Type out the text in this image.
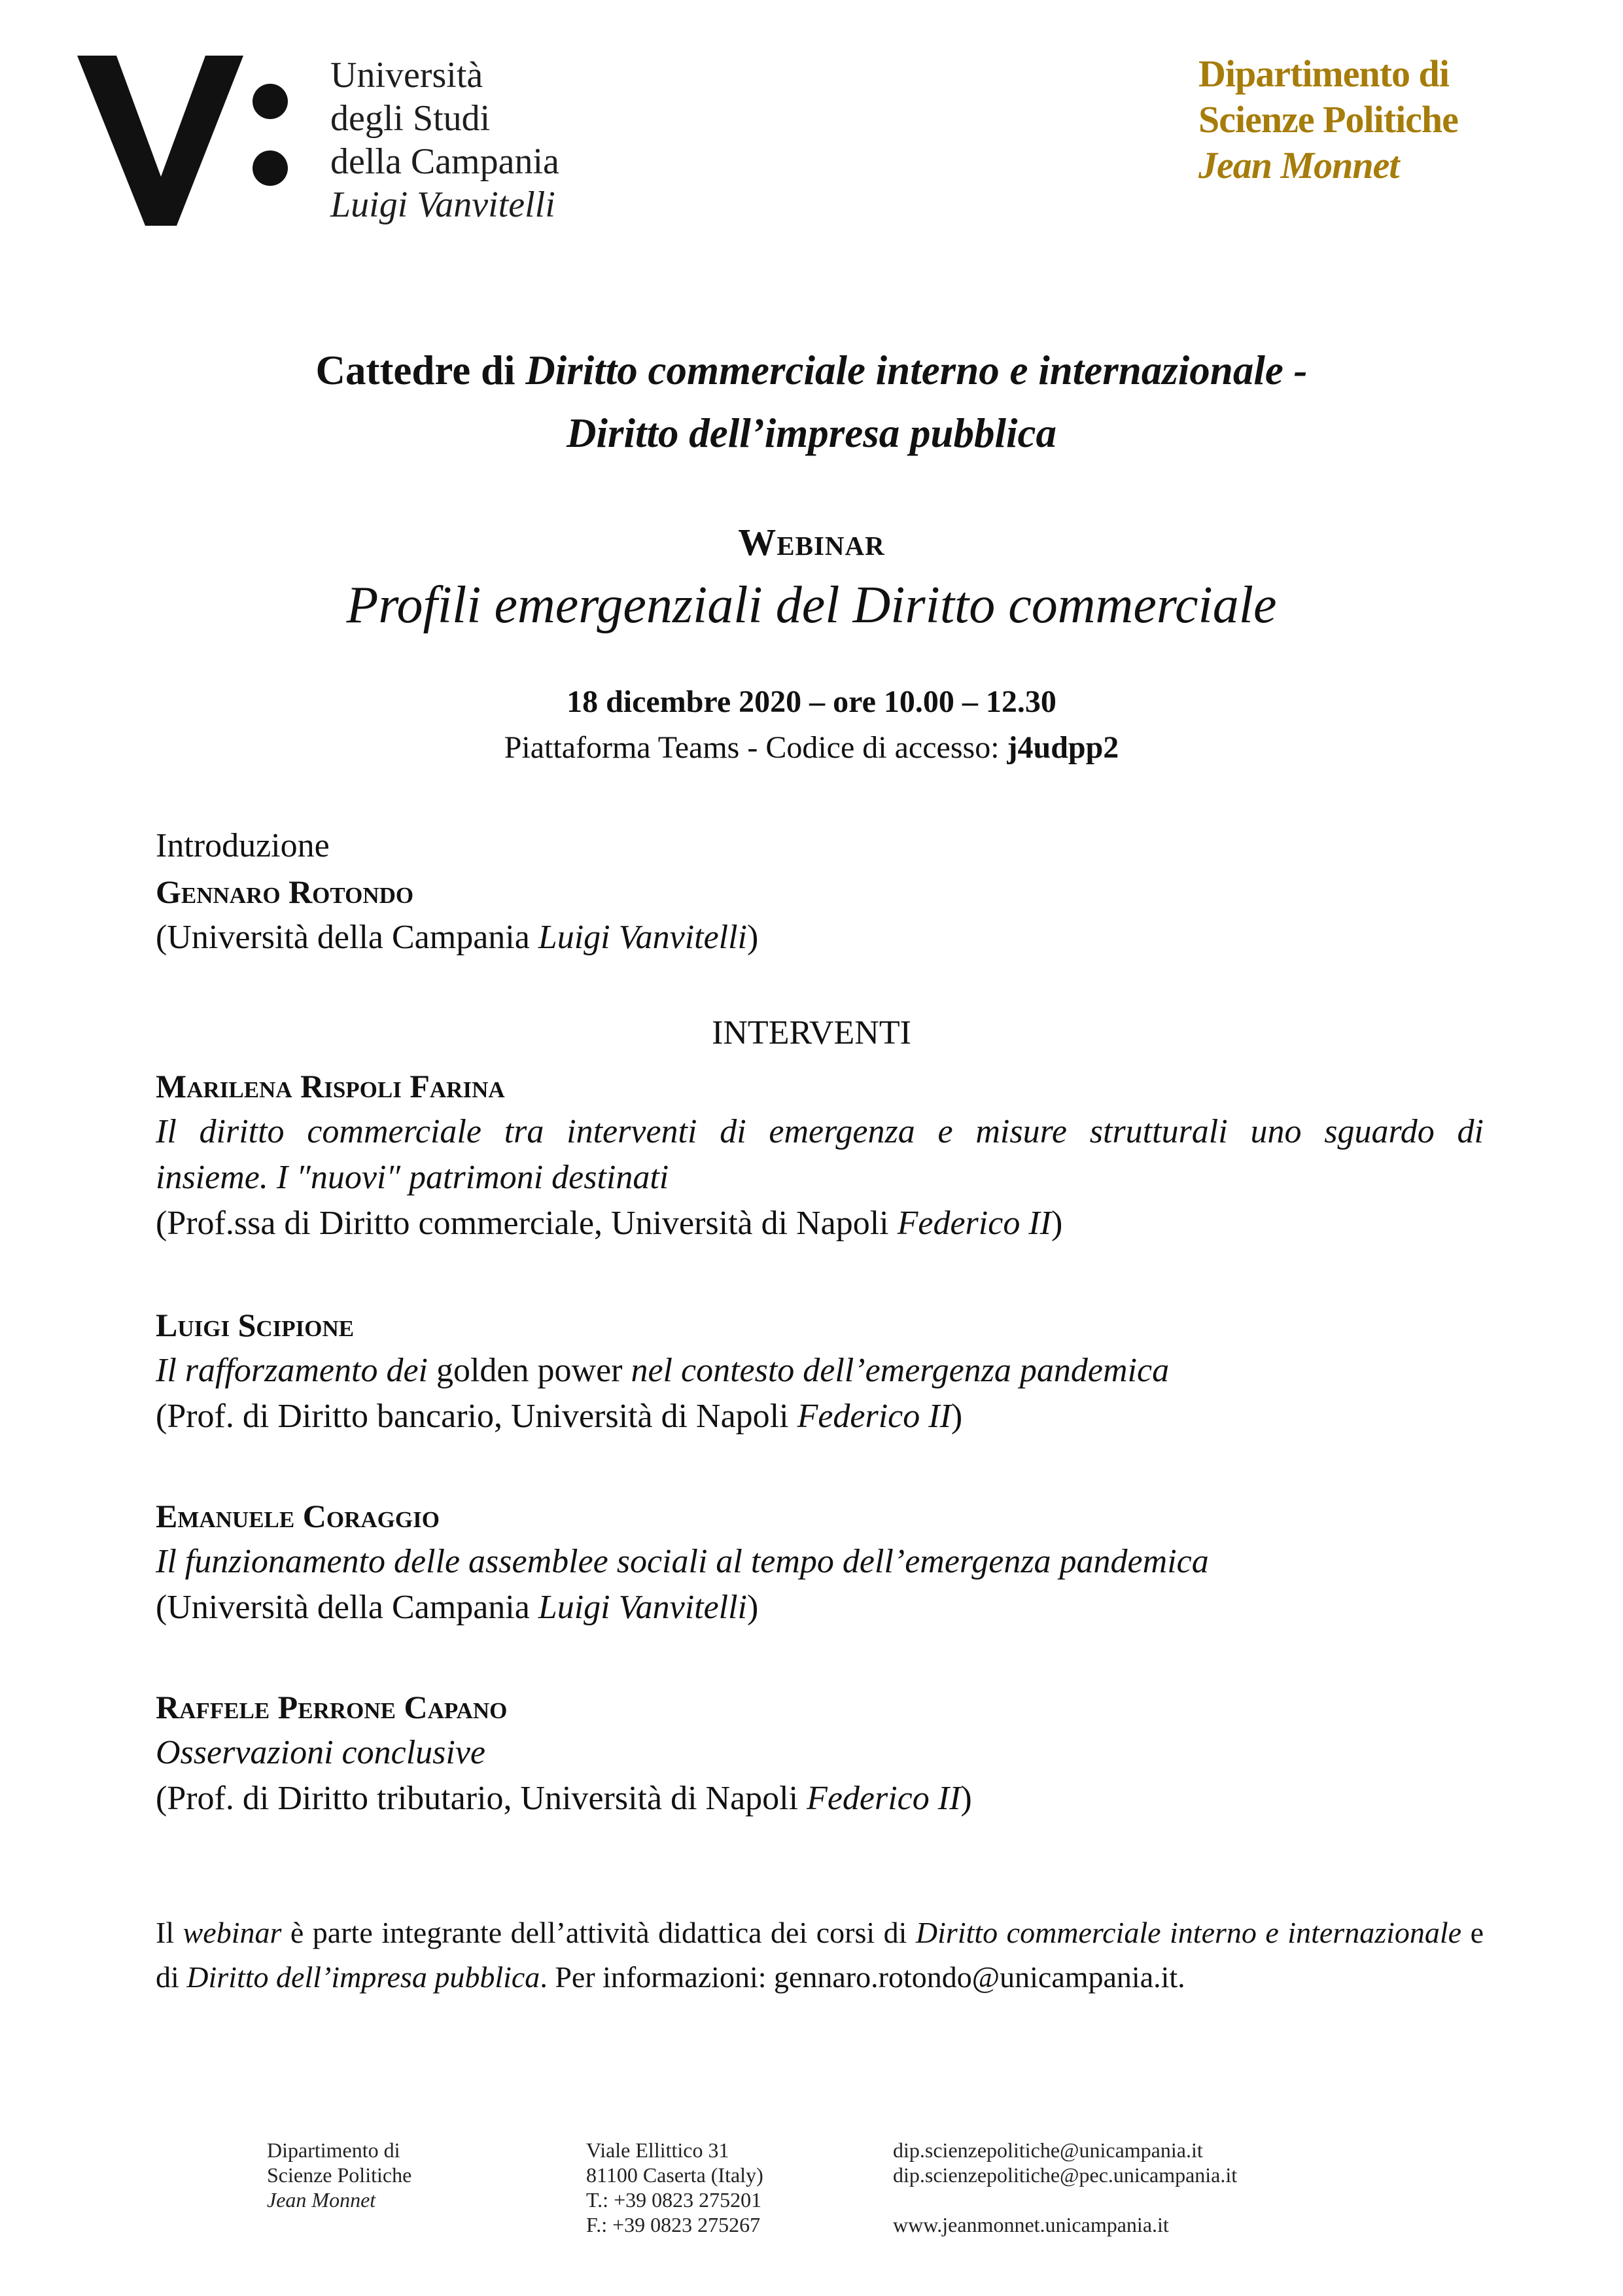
Università
degli Studi
della Campania
Luigi Vanvitelli
Dipartimento di
Scienze Politiche
Jean Monnet
Cattedre di Diritto commerciale interno e internazionale -
Diritto dell’impresa pubblica
Webinar
Profili emergenziali del Diritto commerciale
18 dicembre 2020 – ore 10.00 – 12.30
Piattaforma Teams - Codice di accesso: j4udpp2
Introduzione
Gennaro Rotondo
(Università della Campania Luigi Vanvitelli)
INTERVENTI
Marilena Rispoli Farina
Il diritto commerciale tra interventi di emergenza e misure strutturali uno sguardo di
insieme. I ″nuovi″ patrimoni destinati
(Prof.ssa di Diritto commerciale, Università di Napoli Federico II)
Luigi Scipione
Il rafforzamento dei golden power nel contesto dell’emergenza pandemica
(Prof. di Diritto bancario, Università di Napoli Federico II)
Emanuele Coraggio
Il funzionamento delle assemblee sociali al tempo dell’emergenza pandemica
(Università della Campania Luigi Vanvitelli)
Raffele Perrone Capano
Osservazioni conclusive
(Prof. di Diritto tributario, Università di Napoli Federico II)
Il webinar è parte integrante dell’attività didattica dei corsi di Diritto commerciale interno e internazionale e di Diritto dell’impresa pubblica. Per informazioni: gennaro.rotondo@unicampania.it.
Dipartimento di
Scienze Politiche
Jean Monnet
Viale Ellittico 31
81100 Caserta (Italy)
T.: +39 0823 275201
F.: +39 0823 275267
dip.scienzepolitiche@unicampania.it
dip.scienzepolitiche@pec.unicampania.it
www.jeanmonnet.unicampania.it
